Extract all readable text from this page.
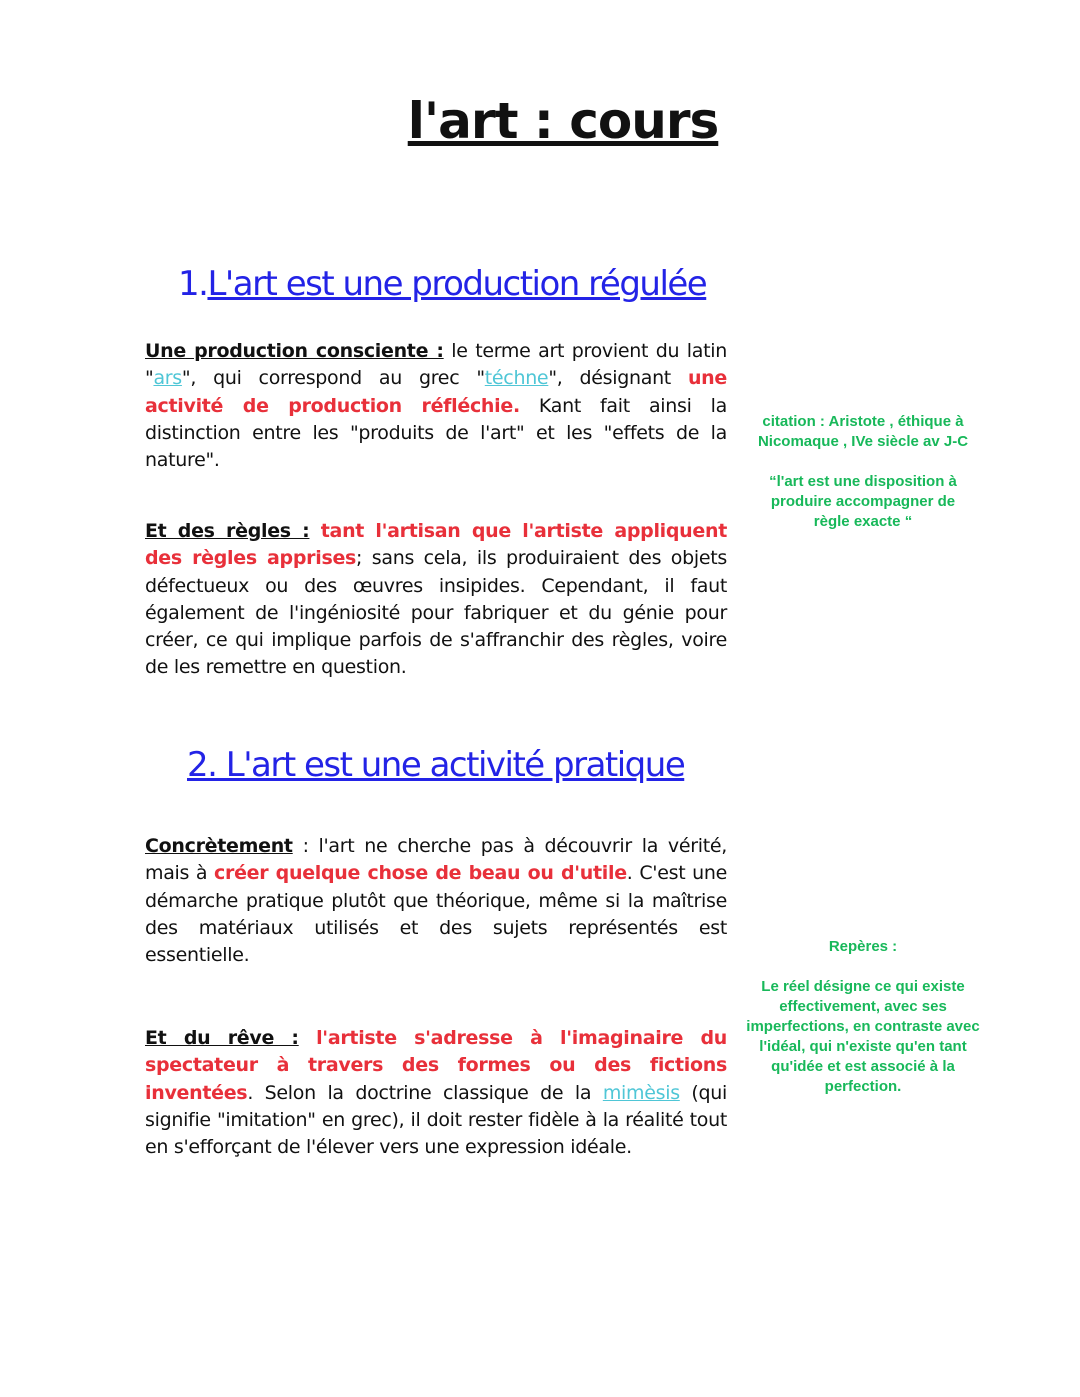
l'art : cours
1.L'art est une production régulée
Une production consciente : le terme art provient du latin "ars", qui correspond au grec "téchne", désignant une activité de production réfléchie. Kant fait ainsi la distinction entre les "produits de l'art" et les "effets de la nature".
Et des règles : tant l'artisan que l'artiste appliquent des règles apprises; sans cela, ils produiraient des objets défectueux ou des œuvres insipides. Cependant, il faut également de l'ingéniosité pour fabriquer et du génie pour créer, ce qui implique parfois de s'affranchir des règles, voire de les remettre en question.

citation : Aristote , éthique à Nicomaque , IVe siècle av J-C

“l'art est une disposition à produire accompagner de règle exacte “

2. L'art est une activité pratique
Concrètement : l'art ne cherche pas à découvrir la vérité, mais à créer quelque chose de beau ou d'utile. C'est une démarche pratique plutôt que théorique, même si la maîtrise des matériaux utilisés et des sujets représentés est essentielle.
Et du rêve : l'artiste s'adresse à l'imaginaire du spectateur à travers des formes ou des fictions inventées. Selon la doctrine classique de la mimèsis (qui signifie "imitation" en grec), il doit rester fidèle à la réalité tout en s'efforçant de l'élever vers une expression idéale.

Repères :

Le réel désigne ce qui existe effectivement, avec ses imperfections, en contraste avec l'idéal, qui n'existe qu'en tant qu'idée et est associé à la perfection.
